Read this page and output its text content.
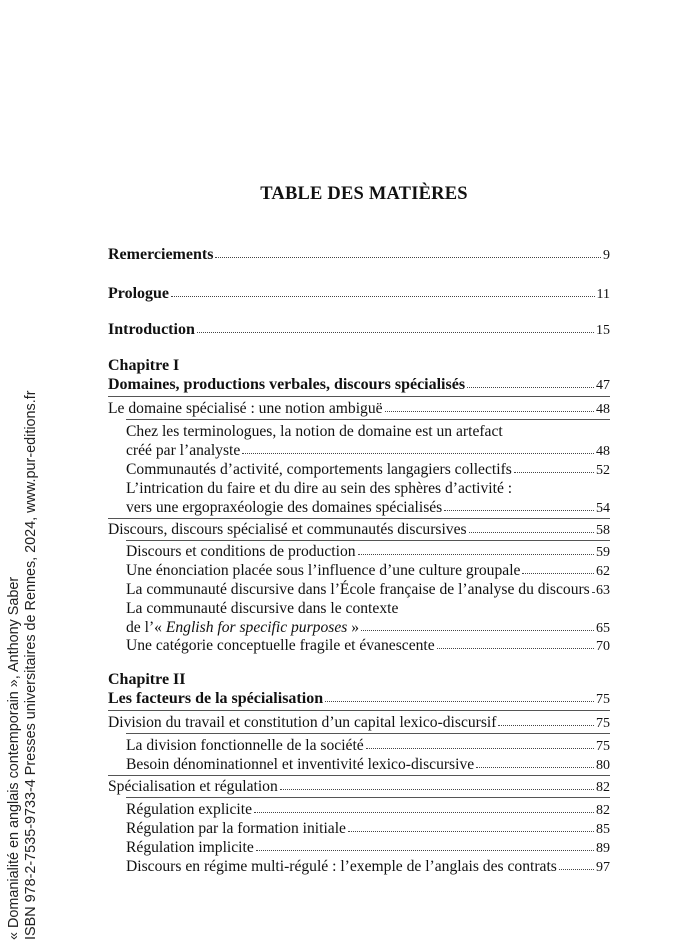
« Domanialité en anglais contemporain », Anthony Saber ISBN 978-2-7535-9733-4 Presses universitaires de Rennes, 2024, www.pur-editions.fr
TABLE DES MATIÈRES
Remerciements	9
Prologue	11
Introduction	15
Chapitre I
Domaines, productions verbales, discours spécialisés	47
Le domaine spécialisé : une notion ambiguë	48
Chez les terminologues, la notion de domaine est un artefact
créé par l’analyste	48
Communautés d’activité, comportements langagiers collectifs	52
L’intrication du faire et du dire au sein des sphères d’activité :
vers une ergopraxéologie des domaines spécialisés	54
Discours, discours spécialisé et communautés discursives	58
Discours et conditions de production	59
Une énonciation placée sous l’influence d’une culture groupale	62
La communauté discursive dans l’École française de l’analyse du discours 63
La communauté discursive dans le contexte
de l’« English for specific purposes »	65
Une catégorie conceptuelle fragile et évanescente	70
Chapitre II
Les facteurs de la spécialisation	75
Division du travail et constitution d’un capital lexico-discursif	75
La division fonctionnelle de la société	75
Besoin dénominationnel et inventivité lexico-discursive	80
Spécialisation et régulation	82
Régulation explicite	82
Régulation par la formation initiale	85
Régulation implicite	89
Discours en régime multi-régulé : l’exemple de l’anglais des contrats	97
